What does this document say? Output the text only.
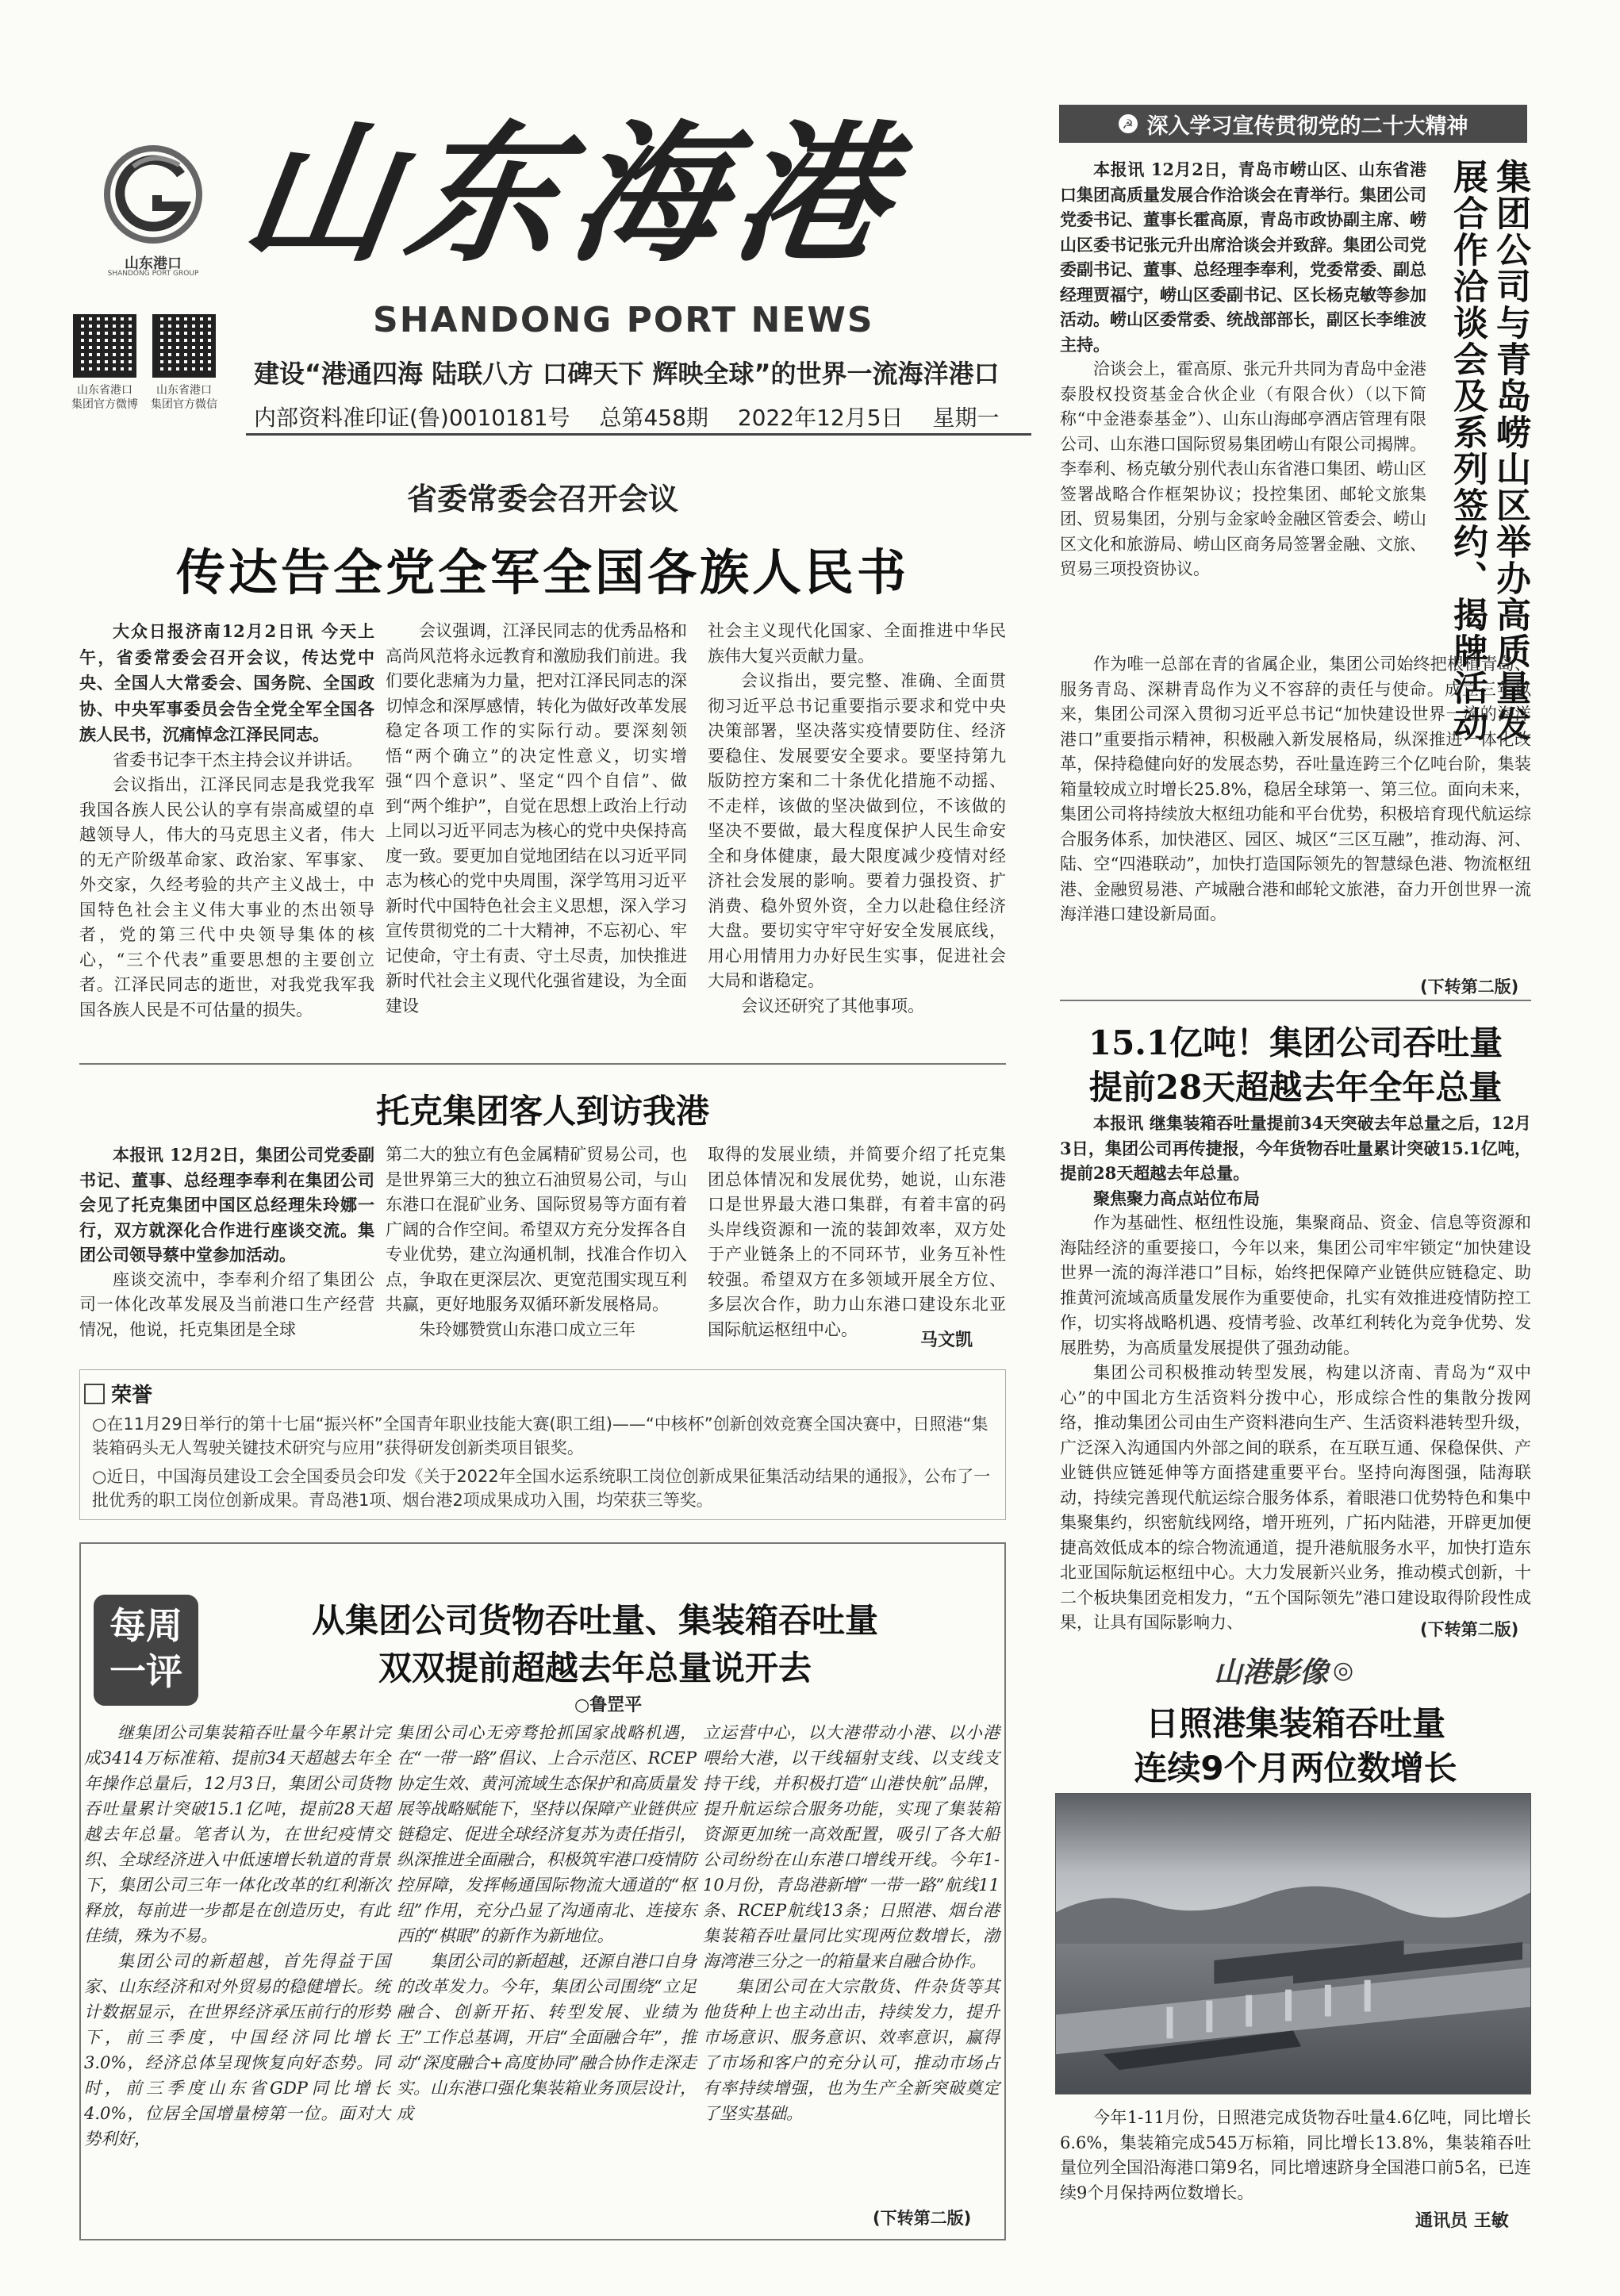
山东港口
SHANDONG PORT GROUP 山东海港
SHANDONG PORT NEWS
山东省港口
集团官方微博
山东省港口
集团官方微信
建设“港通四海 陆联八方 口碑天下 辉映全球”的世界一流海洋港口
内部资料准印证(鲁)0010181号 总第458期 2022年12月5日 星期一
省委常委会召开会议
传达告全党全军全国各族人民书

大众日报济南12月2日讯 今天上午，省委常委会召开会议，传达党中央、全国人大常委会、国务院、全国政协、中央军事委员会告全党全军全国各族人民书，沉痛悼念江泽民同志。

省委书记李干杰主持会议并讲话。

会议指出，江泽民同志是我党我军我国各族人民公认的享有崇高威望的卓越领导人，伟大的马克思主义者，伟大的无产阶级革命家、政治家、军事家、外交家，久经考验的共产主义战士，中国特色社会主义伟大事业的杰出领导者，党的第三代中央领导集体的核心，“三个代表”重要思想的主要创立者。江泽民同志的逝世，对我党我军我国各族人民是不可估量的损失。

会议强调，江泽民同志的优秀品格和高尚风范将永远教育和激励我们前进。我们要化悲痛为力量，把对江泽民同志的深切悼念和深厚感情，转化为做好改革发展稳定各项工作的实际行动。要深刻领悟“两个确立”的决定性意义，切实增强“四个意识”、坚定“四个自信”、做到“两个维护”，自觉在思想上政治上行动上同以习近平同志为核心的党中央保持高度一致。要更加自觉地团结在以习近平同志为核心的党中央周围，深学笃用习近平新时代中国特色社会主义思想，深入学习宣传贯彻党的二十大精神，不忘初心、牢记使命，守土有责、守土尽责，加快推进新时代社会主义现代化强省建设，为全面建设

社会主义现代化国家、全面推进中华民族伟大复兴贡献力量。

会议指出，要完整、准确、全面贯彻习近平总书记重要指示要求和党中央决策部署，坚决落实疫情要防住、经济要稳住、发展要安全要求。要坚持第九版防控方案和二十条优化措施不动摇、不走样，该做的坚决做到位，不该做的坚决不要做，最大程度保护人民生命安全和身体健康，最大限度减少疫情对经济社会发展的影响。要着力强投资、扩消费、稳外贸外资，全力以赴稳住经济大盘。要切实守牢守好安全发展底线，用心用情用力办好民生实事，促进社会大局和谐稳定。

会议还研究了其他事项。

托克集团客人到访我港

本报讯 12月2日，集团公司党委副书记、董事、总经理李奉利在集团公司会见了托克集团中国区总经理朱玲娜一行，双方就深化合作进行座谈交流。集团公司领导蔡中堂参加活动。

座谈交流中，李奉利介绍了集团公司一体化改革发展及当前港口生产经营情况，他说，托克集团是全球

第二大的独立有色金属精矿贸易公司，也是世界第三大的独立石油贸易公司，与山东港口在混矿业务、国际贸易等方面有着广阔的合作空间。希望双方充分发挥各自专业优势，建立沟通机制，找准合作切入点，争取在更深层次、更宽范围实现互利共赢，更好地服务双循环新发展格局。

朱玲娜赞赏山东港口成立三年

取得的发展业绩，并简要介绍了托克集团总体情况和发展优势，她说，山东港口是世界最大港口集群，有着丰富的码头岸线资源和一流的装卸效率，双方处于产业链条上的不同环节，业务互补性较强。希望双方在多领域开展全方位、多层次合作，助力山东港口建设东北亚国际航运枢纽中心。

马文凯
荣誉
○在11月29日举行的第十七届“振兴杯”全国青年职业技能大赛(职工组)——“中核杯”创新创效竞赛全国决赛中，日照港“集装箱码头无人驾驶关键技术研究与应用”获得研发创新类项目银奖。
○近日，中国海员建设工会全国委员会印发《关于2022年全国水运系统职工岗位创新成果征集活动结果的通报》，公布了一批优秀的职工岗位创新成果。青岛港1项、烟台港2项成果成功入围，均荣获三等奖。
每周一评
从集团公司货物吞吐量、集装箱吞吐量
双双提前超越去年总量说开去
○鲁罡平

继集团公司集装箱吞吐量今年累计完成3414万标准箱、提前34天超越去年全年操作总量后，12月3日，集团公司货物吞吐量累计突破15.1亿吨，提前28天超越去年总量。笔者认为，在世纪疫情交织、全球经济进入中低速增长轨道的背景下，集团公司三年一体化改革的红利渐次释放，每前进一步都是在创造历史，有此佳绩，殊为不易。

集团公司的新超越，首先得益于国家、山东经济和对外贸易的稳健增长。统计数据显示，在世界经济承压前行的形势下，前三季度，中国经济同比增长3.0%，经济总体呈现恢复向好态势。同时，前三季度山东省GDP同比增长4.0%，位居全国增量榜第一位。面对大势利好，

集团公司心无旁骛抢抓国家战略机遇，在“一带一路”倡议、上合示范区、RCEP协定生效、黄河流域生态保护和高质量发展等战略赋能下，坚持以保障产业链供应链稳定、促进全球经济复苏为责任指引，纵深推进全面融合，积极筑牢港口疫情防控屏障，发挥畅通国际物流大通道的“枢纽”作用，充分凸显了沟通南北、连接东西的“棋眼”的新作为新地位。

集团公司的新超越，还源自港口自身的改革发力。今年，集团公司围绕“立足融合、创新开拓、转型发展、业绩为王”工作总基调，开启“全面融合年”，推动“深度融合+高度协同”融合协作走深走实。山东港口强化集装箱业务顶层设计，成

立运营中心，以大港带动小港、以小港喂给大港，以干线辐射支线、以支线支持干线，并积极打造“山港快航”品牌，提升航运综合服务功能，实现了集装箱资源更加统一高效配置，吸引了各大船公司纷纷在山东港口增线开线。今年1-10月份，青岛港新增“一带一路”航线11条、RCEP航线13条；日照港、烟台港集装箱吞吐量同比实现两位数增长，渤海湾港三分之一的箱量来自融合协作。

集团公司在大宗散货、件杂货等其他货种上也主动出击，持续发力，提升市场意识、服务意识、效率意识，赢得了市场和客户的充分认可，推动市场占有率持续增强，也为生产全新突破奠定了坚实基础。

(下转第二版)
☭ 深入学习宣传贯彻党的二十大精神
集团公司与青岛崂山区举办高质量发展合作洽谈会及系列签约、揭牌活动

本报讯 12月2日，青岛市崂山区、山东省港口集团高质量发展合作洽谈会在青举行。集团公司党委书记、董事长霍高原，青岛市政协副主席、崂山区委书记张元升出席洽谈会并致辞。集团公司党委副书记、董事、总经理李奉利，党委常委、副总经理贾福宁，崂山区委副书记、区长杨克敏等参加活动。崂山区委常委、统战部部长，副区长李维波主持。

洽谈会上，霍高原、张元升共同为青岛中金港泰股权投资基金合伙企业（有限合伙）（以下简称“中金港泰基金”）、山东山海邮亭酒店管理有限公司、山东港口国际贸易集团崂山有限公司揭牌。李奉利、杨克敏分别代表山东省港口集团、崂山区签署战略合作框架协议；投控集团、邮轮文旅集团、贸易集团，分别与金家岭金融区管委会、崂山区文化和旅游局、崂山区商务局签署金融、文旅、贸易三项投资协议。

作为唯一总部在青的省属企业，集团公司始终把根植青岛、服务青岛、深耕青岛作为义不容辞的责任与使命。成立三年以来，集团公司深入贯彻习近平总书记“加快建设世界一流的海洋港口”重要指示精神，积极融入新发展格局，纵深推进一体化改革，保持稳健向好的发展态势，吞吐量连跨三个亿吨台阶，集装箱量较成立时增长25.8%，稳居全球第一、第三位。面向未来，集团公司将持续放大枢纽功能和平台优势，积极培育现代航运综合服务体系，加快港区、园区、城区“三区互融”，推动海、河、陆、空“四港联动”，加快打造国际领先的智慧绿色港、物流枢纽港、金融贸易港、产城融合港和邮轮文旅港，奋力开创世界一流海洋港口建设新局面。

(下转第二版)
15.1亿吨！集团公司吞吐量
提前28天超越去年全年总量

本报讯 继集装箱吞吐量提前34天突破去年总量之后，12月3日，集团公司再传捷报，今年货物吞吐量累计突破15.1亿吨，提前28天超越去年总量。

聚焦聚力高点站位布局

作为基础性、枢纽性设施，集聚商品、资金、信息等资源和海陆经济的重要接口，今年以来，集团公司牢牢锁定“加快建设世界一流的海洋港口”目标，始终把保障产业链供应链稳定、助推黄河流域高质量发展作为重要使命，扎实有效推进疫情防控工作，切实将战略机遇、疫情考验、改革红利转化为竞争优势、发展胜势，为高质量发展提供了强劲动能。

集团公司积极推动转型发展，构建以济南、青岛为“双中心”的中国北方生活资料分拨中心，形成综合性的集散分拨网络，推动集团公司由生产资料港向生产、生活资料港转型升级，广泛深入沟通国内外部之间的联系，在互联互通、保稳保供、产业链供应链延伸等方面搭建重要平台。坚持向海图强，陆海联动，持续完善现代航运综合服务体系，着眼港口优势特色和集中集聚集约，织密航线网络，增开班列，广拓内陆港，开辟更加便捷高效低成本的综合物流通道，提升港航服务水平，加快打造东北亚国际航运枢纽中心。大力发展新兴业务，推动模式创新，十二个板块集团竞相发力，“五个国际领先”港口建设取得阶段性成果，让具有国际影响力、	(下转第二版)
山港影像 ◎
日照港集装箱吞吐量
连续9个月两位数增长

今年1-11月份，日照港完成货物吞吐量4.6亿吨，同比增长6.6%，集装箱完成545万标箱，同比增长13.8%，集装箱吞吐量位列全国沿海港口第9名，同比增速跻身全国港口前5名，已连续9个月保持两位数增长。

通讯员 王敏
